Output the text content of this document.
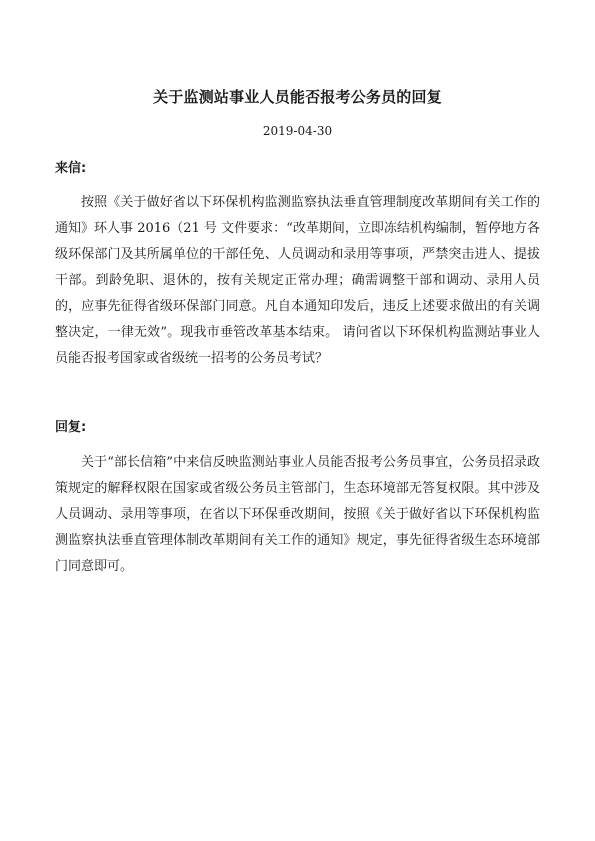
关于监测站事业人员能否报考公务员的回复
2019-04-30
来信:
按照《关于做好省以下环保机构监测监察执法垂直管理制度改革期间有关工作的通知》环人事 2016（21 号 文件要求：“改革期间，立即冻结机构编制，暂停地方各级环保部门及其所属单位的干部任免、人员调动和录用等事项，严禁突击进人、提拔干部。到龄免职、退休的，按有关规定正常办理；确需调整干部和调动、录用人员的，应事先征得省级环保部门同意。凡自本通知印发后，违反上述要求做出的有关调整决定，一律无效”。现我市垂管改革基本结束。 请问省以下环保机构监测站事业人员能否报考国家或省级统一招考的公务员考试？
回复:
关于“部长信箱”中来信反映监测站事业人员能否报考公务员事宜，公务员招录政策规定的解释权限在国家或省级公务员主管部门，生态环境部无答复权限。其中涉及人员调动、录用等事项，在省以下环保垂改期间，按照《关于做好省以下环保机构监测监察执法垂直管理体制改革期间有关工作的通知》规定，事先征得省级生态环境部门同意即可。
